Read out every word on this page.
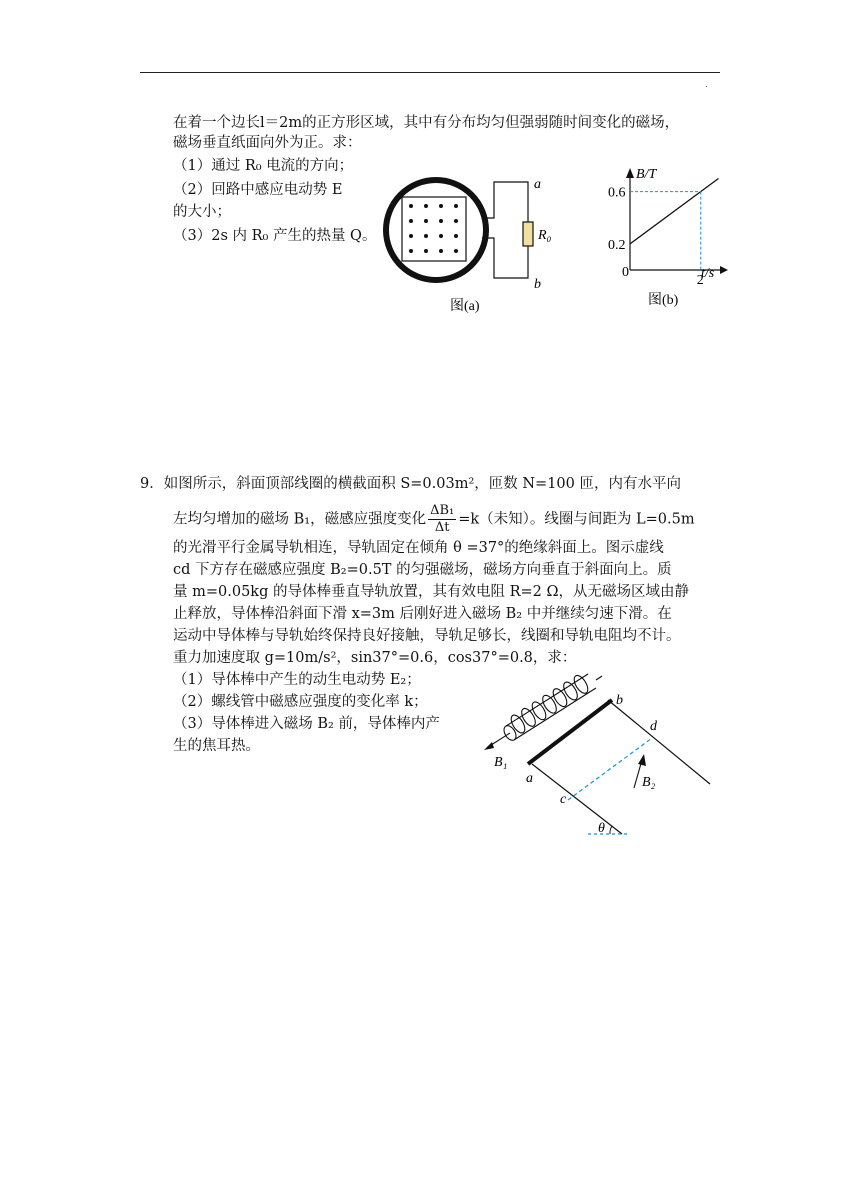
.
在着一个边长l＝2m的正方形区域，其中有分布均匀但强弱随时间变化的磁场，
磁场垂直纸面向外为正。求：
（1）通过 R₀ 电流的方向；
（2）回路中感应电动势 E
的大小；
（3）2s 内 R₀ 产生的热量 Q。
a
b
R₀
图(a)
B/T
t/s
0
0.6
0.2
2
图(b)
9．如图所示，斜面顶部线圈的横截面积 S=0.03m²，匝数 N=100 匝，内有水平向
左均匀增加的磁场 B₁，磁感应强度变化 $\frac{\text{ΔB₁}}{\Delta t} =k$（未知）。线圈与间距为 L=0.5m
的光滑平行金属导轨相连，导轨固定在倾角 θ =37°的绝缘斜面上。图示虚线
cd 下方存在磁感应强度 B₂=0.5T 的匀强磁场，磁场方向垂直于斜面向上。质
量 m=0.05kg 的导体棒垂直导轨放置，其有效电阻 R=2 Ω，从无磁场区域由静
止释放，导体棒沿斜面下滑 x=3m 后刚好进入磁场 B₂ 中并继续匀速下滑。在
运动中导体棒与导轨始终保持良好接触，导轨足够长，线圈和导轨电阻均不计。
重力加速度取 g=10m/s²，sin37°=0.6，cos37°=0.8，求：
（1）导体棒中产生的动生电动势 E₂；
（2）螺线管中磁感应强度的变化率 k；
（3）导体棒进入磁场 B₂ 前，导体棒内产
生的焦耳热。
b
d
a
c
B₁
B₂
θ
